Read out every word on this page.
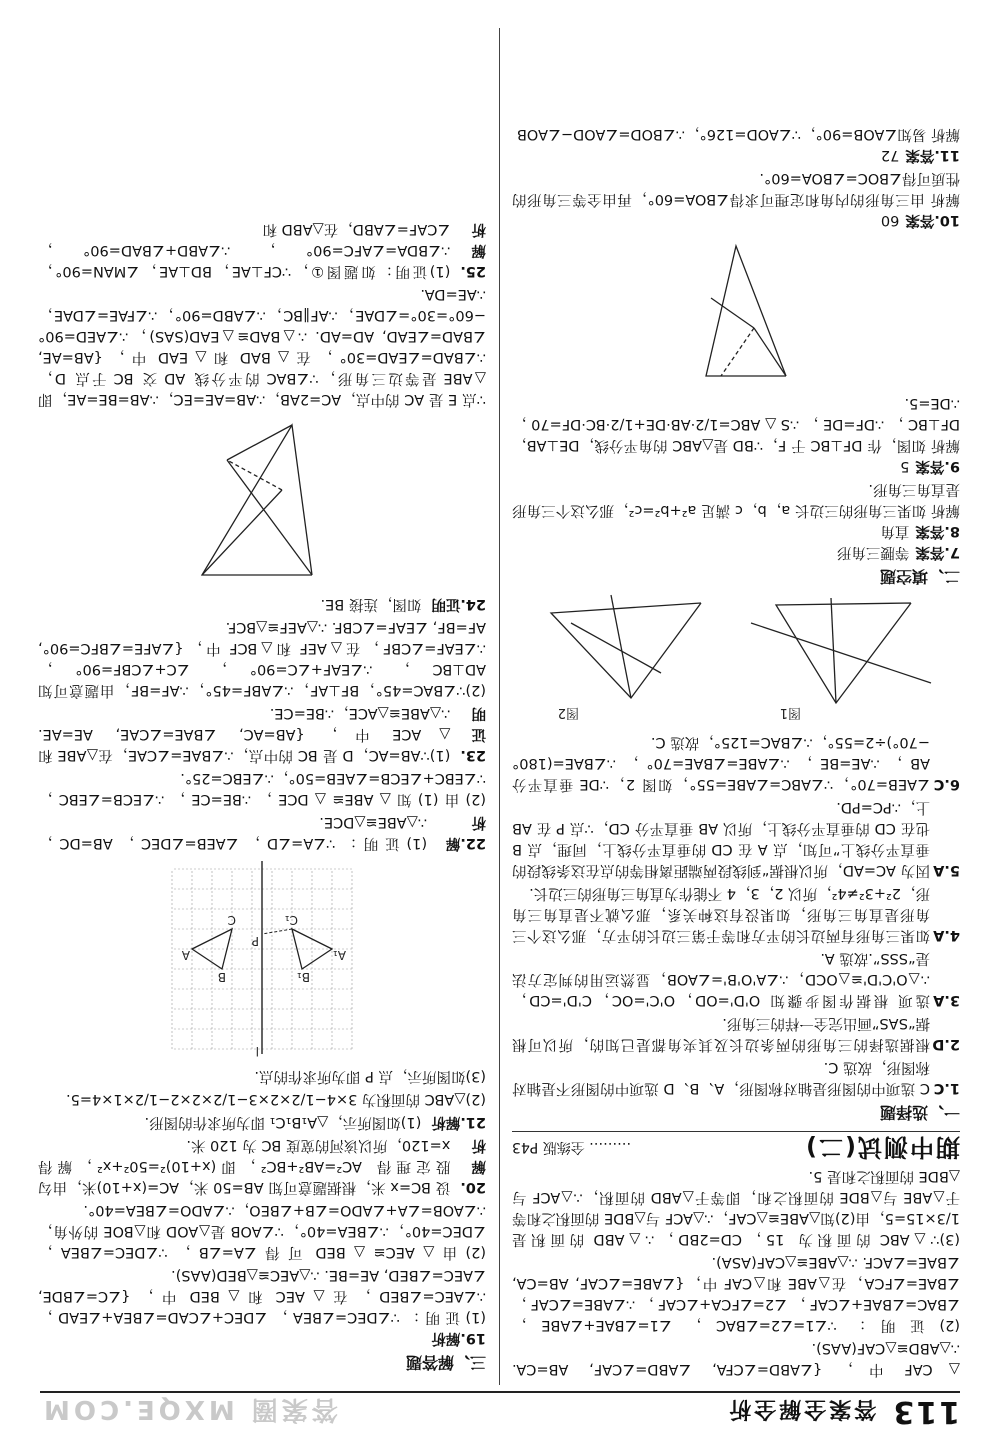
113 答案全解全析
答案圈 MXQE.COM

△CAF 中，{∠ABD=∠CFA, ∠ABD=∠CAF, AB=CA. ∴△ABD≌△CAF(AAS).

(2)证明：∵∠1=∠2=∠BAC，∠1=∠BAE+∠ABE，∠BAC=∠BAE+∠CAF，∠2=∠FCA+∠CAF，∴∠ABE=∠CAF，∠BAE=∠FCA，在△ABE 和△CAF 中，{∠ABE=∠CAF, AB=CA, ∠BAE=∠ACF. ∴△ABE≌△CAF(ASA).

(3)∵△ABC 的面积为 15，CD=2BD，∴△ABD 的面积是 1/3×15=5，由(2)知△ABE≌△CAF，∴△ACF 与△BDE 的面积之和等于△ABE 与△BDE 的面积之和，即等于△ABD 的面积，∴△ACF 与△BDE 的面积之和是 5.

期中测试(二)
……… 全练版 P43
一、选择题
1.C
C 选项中的图形是轴对称图形，A、B、D 选项中的图形不是轴对称图形，故选 C.
2.D
根据选择的三角形的两条边长及其夹角都是已知的，所以可根据“SAS”画出完全一样的三角形.
3.A
选项 根据作图步骤知 O'D'=OD，O'C'=OC，C'D'=CD，∴△O'C'D'≌△OCD，∴∠A'O'B'=∠AOB，显然运用的判定方法是“SSS”.故选 A.
4.A
如果三角形有两边长的平方和等于第三边长的平方，那么这个三角形是直角三角形，如果没有这种关系，那么就不是直角三角形，2²+3²≠4²，所以 2，3，4 不能作为直角三角形的三边长.
5.A
因为 AC=AD，所以根据“到线段两端距离相等的点在这条线段的垂直平分线上”可知，点 A 在 CD 的垂直平分线上，同理，点 B 也在 CD 的垂直平分线上，所以 AB 垂直平分 CD，∵点 P 在 AB 上，∴PC=PD.
6.C
∠AEB=70°，∵∠ABC=∠ABE=55°，如图 2，∵DE 垂直平分 AB，∴AE=BE，∴∠ABE=∠BAE=70°，∴∠BAE=(180°−70°)÷2=55°，∴∠BAC=125°，故选 C.
图1
图2
二、填空题
7.答案
等腰三角形
8.答案
直角

解析 如果三角形的三边长 a，b，c 满足 a²+b²=c²，那么这个三角形是直角三角形.

9.答案
5

解析 如图，作 DF⊥BC 于 F，∵BD 是△ABC 的角平分线，DE⊥AB，DF⊥BC，∴DF=DE，∴S△ABC=1/2·AB·DE+1/2·BC·DF=70，∴DE=5.

10.答案
60

解析 由三角形的内角和定理可求得∠BOA=60°，再由全等三角形的性质可得∠BOC=∠BOA=60°.

11.答案
72

解析 易知∠AOB=90°，∵∠AOD=126°，∴∠BOD=∠AOD−∠AOB

三、解答题
19.解析

(1)证明：∵∠DEC=∠BEA，∠DEC+∠CAD=∠BEA+∠EAD，∴∠AEC=∠BED，在△AEC 和△BED 中，{∠C=∠BDE, ∠AEC=∠BED, AE=BE. ∴△AEC≌△BED(AAS).

(2)由△AEC≌△BED 可得∠A=∠B，∵∠DEC=∠BEA，∠DEC=40°，∴∠BEA=40°，∵∠AOB 是△AOD 和△BOE 的外角，∴∠AOB=∠A+∠ADO=∠B+∠BEO，∴∠ADO=∠BEA=40°.

20.解析
设 BC=x 米，根据题意可知 AB=50 米，AC=(x+10)米，由勾股定理得 AC²=AB²+BC²，即(x+10)²=50²+x²，解得 x=120，所以该河的宽度 BC 为 120 米.
21.解析
(1)如图所示，△A₁B₁C₁ 即为所求作的图形.

(2)△ABC 的面积为 3×4−1/2×2×3−1/2×2×2−1/2×1×4=5.

(3)如图所示，点 P 即为所求作的点.

A
B
C
A₁
B₁
C₁
P
l
22.解析
(1)证明：∵∠A=∠D，∠AEB=∠DEC，AB=DC，∴△ABE≌△DCE.

(2)由(1)知△ABE≌△DCE，∴BE=CE，∴∠ECB=∠EBC，∵∠EBC+∠ECB=∠AEB=50°，∴∠EBC=25°.

23.证明
(1)∵AB=AC，D 是 BC 的中点，∴∠BAE=∠CAE，在△ABE 和△ACE 中，{AB=AC, ∠BAE=∠CAE, AE=AE. ∴△ABE≌△ACE，∴BE=CE.

(2)∵∠BAC=45°，BF⊥AF，∴∠ABF=45°，∴AF=BF，由题意可知 AD⊥BC，∴∠EAF+∠C=90°，∠C+∠CBF=90°，∴∠EAF=∠CBF，在△AEF 和△BCF 中，{∠AFE=∠BFC=90°, AF=BF, ∠EAF=∠CBF. ∴△AEF≌△BCF.

24.证明
如图，连接 BE.

∵点 E 是 AC 的中点，AC=2AB，∴AB=AE=EC，∴AB=BE=AE，即△ABE 是等边三角形，∵∠BAC 的平分线 AD 交 BC 于点 D，∴∠BAD=∠EAD=30°，在△BAD 和△EAD 中，{AB=AE, ∠BAD=∠EAD, AD=AD. ∴△BAD≌△EAD(SAS)，∴∠AED=90°−60°=30°=∠DAE，∴AF∥BC，∴∠ABD=90°，∴∠FAE=∠DAE，∴AE=DA.

25.解析
(1)证明：如题图①，∵CF⊥AE，BD⊥AE，∠MAN=90°，∴∠BDA=∠AFC=90°，∴∠ABD+∠BAD=90°，∠CAF=∠ABD，在△ABD 和
